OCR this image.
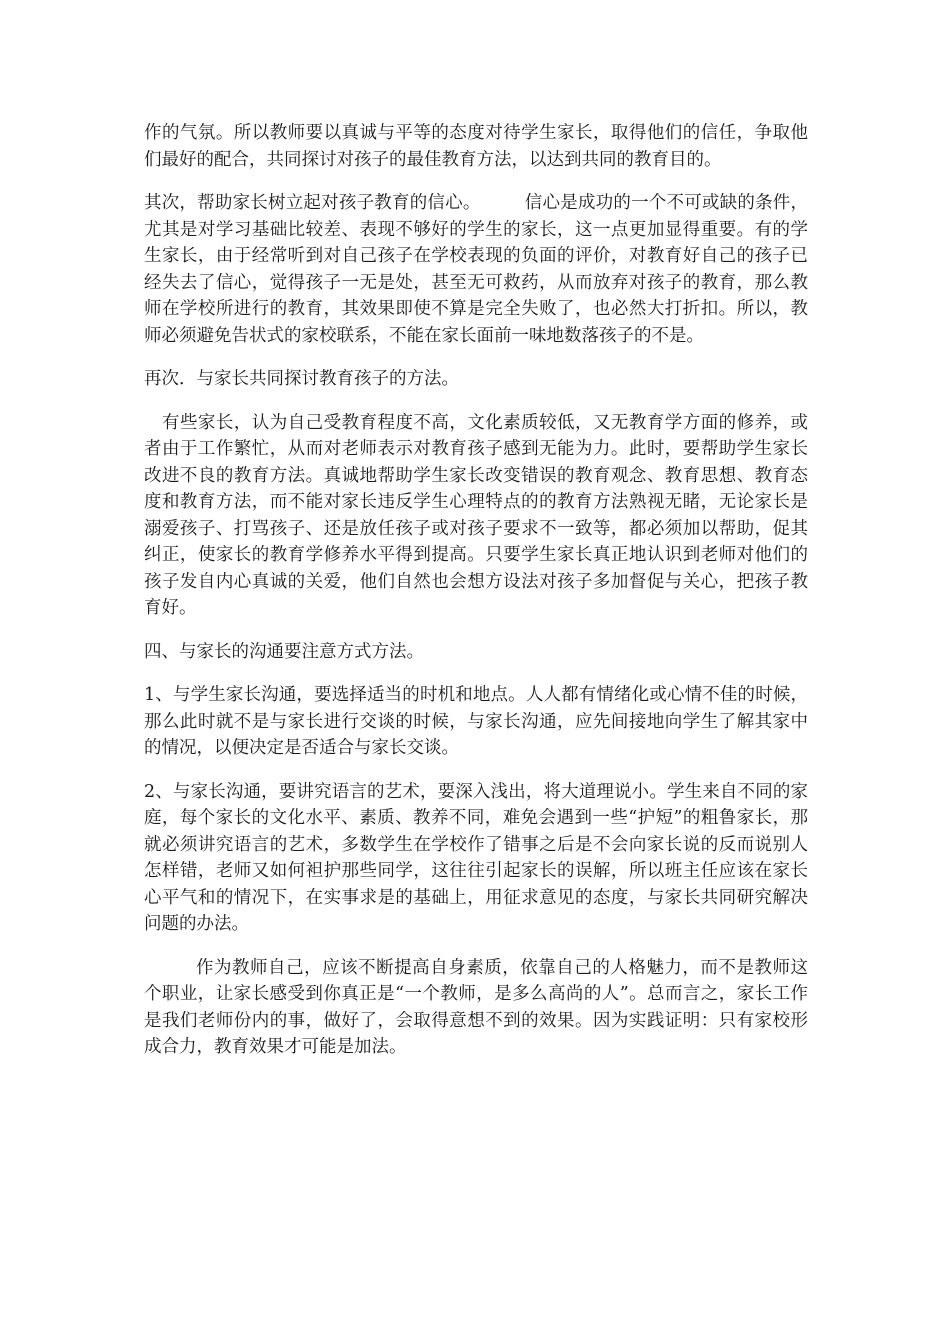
作的气氛。所以教师要以真诚与平等的态度对待学生家长，取得他们的信任，争取他们最好的配合，共同探讨对孩子的最佳教育方法，以达到共同的教育目的。

其次，帮助家长树立起对孩子教育的信心。	信心是成功的一个不可或缺的条件，尤其是对学习基础比较差、表现不够好的学生的家长，这一点更加显得重要。有的学生家长，由于经常听到对自己孩子在学校表现的负面的评价，对教育好自己的孩子已经失去了信心，觉得孩子一无是处，甚至无可救药，从而放弃对孩子的教育，那么教师在学校所进行的教育，其效果即使不算是完全失败了，也必然大打折扣。所以，教师必须避免告状式的家校联系，不能在家长面前一味地数落孩子的不是。

再次．与家长共同探讨教育孩子的方法。

有些家长，认为自己受教育程度不高，文化素质较低，又无教育学方面的修养，或者由于工作繁忙，从而对老师表示对教育孩子感到无能为力。此时，要帮助学生家长改进不良的教育方法。真诚地帮助学生家长改变错误的教育观念、教育思想、教育态度和教育方法，而不能对家长违反学生心理特点的的教育方法熟视无睹，无论家长是溺爱孩子、打骂孩子、还是放任孩子或对孩子要求不一致等，都必须加以帮助，促其纠正，使家长的教育学修养水平得到提高。只要学生家长真正地认识到老师对他们的孩子发自内心真诚的关爱，他们自然也会想方设法对孩子多加督促与关心，把孩子教育好。

四、与家长的沟通要注意方式方法。

1、与学生家长沟通，要选择适当的时机和地点。人人都有情绪化或心情不佳的时候，那么此时就不是与家长进行交谈的时候，与家长沟通，应先间接地向学生了解其家中的情况，以便决定是否适合与家长交谈。

2、与家长沟通，要讲究语言的艺术，要深入浅出，将大道理说小。学生来自不同的家庭，每个家长的文化水平、素质、教养不同，难免会遇到一些“护短”的粗鲁家长，那就必须讲究语言的艺术，多数学生在学校作了错事之后是不会向家长说的反而说别人怎样错，老师又如何袒护那些同学，这往往引起家长的误解，所以班主任应该在家长心平气和的情况下，在实事求是的基础上，用征求意见的态度，与家长共同研究解决问题的办法。

作为教师自己，应该不断提高自身素质，依靠自己的人格魅力，而不是教师这个职业，让家长感受到你真正是“一个教师，是多么高尚的人”。总而言之，家长工作是我们老师份内的事，做好了，会取得意想不到的效果。因为实践证明：只有家校形成合力，教育效果才可能是加法。
